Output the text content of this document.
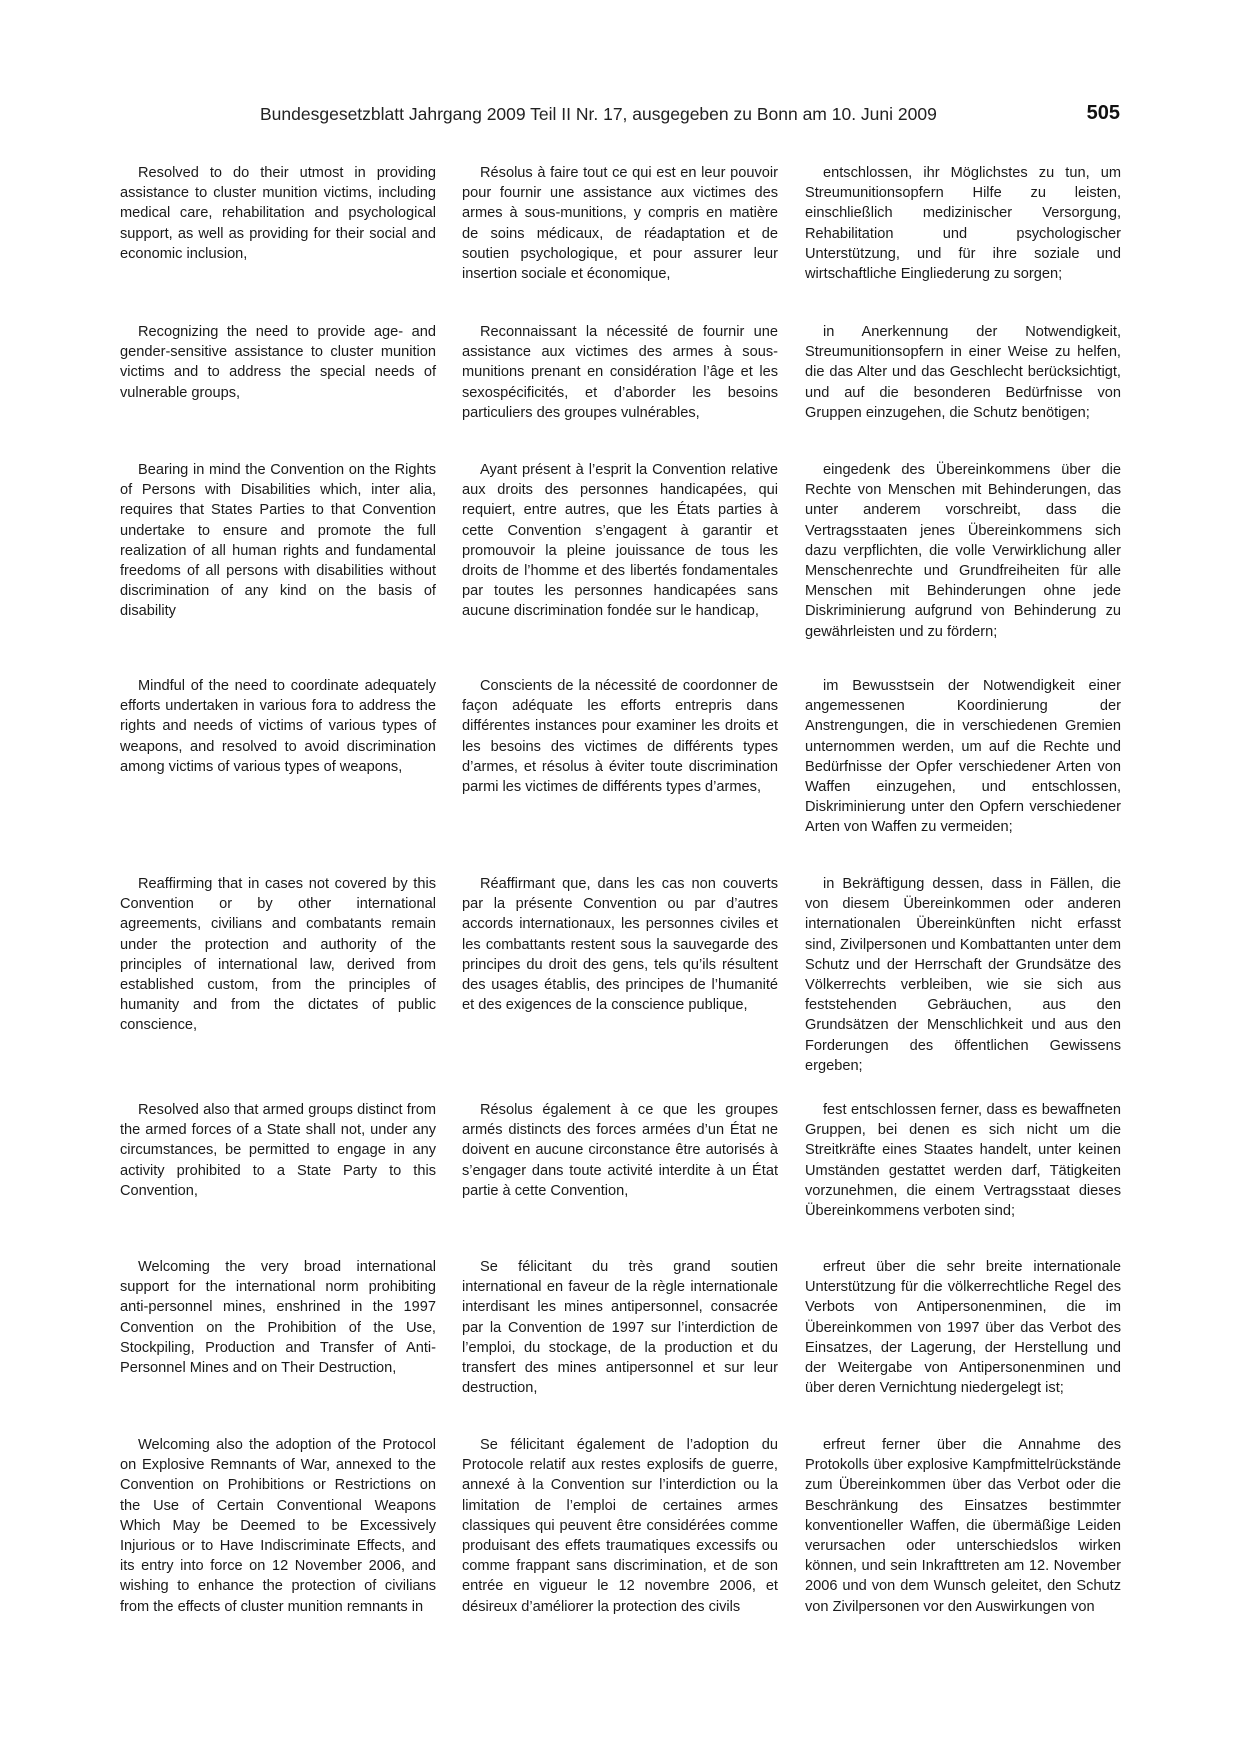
Bundesgesetzblatt Jahrgang 2009 Teil II Nr. 17, ausgegeben zu Bonn am 10. Juni 2009	505

Resolved to do their utmost in providing assistance to cluster munition victims, including medical care, rehabilitation and psychological support, as well as providing for their social and economic inclusion,

Recognizing the need to provide age- and gender-sensitive assistance to cluster munition victims and to address the special needs of vulnerable groups,

Bearing in mind the Convention on the Rights of Persons with Disabilities which, inter alia, requires that States Parties to that Convention undertake to ensure and promote the full realization of all human rights and fundamental freedoms of all persons with disabilities without discrimination of any kind on the basis of disability

Mindful of the need to coordinate adequately efforts undertaken in various fora to address the rights and needs of victims of various types of weapons, and resolved to avoid discrimination among victims of various types of weapons,

Reaffirming that in cases not covered by this Convention or by other international agreements, civilians and combatants remain under the protection and authority of the principles of international law, derived from established custom, from the principles of humanity and from the dictates of public conscience,

Resolved also that armed groups distinct from the armed forces of a State shall not, under any circumstances, be permitted to engage in any activity prohibited to a State Party to this Convention,

Welcoming the very broad international support for the international norm prohibiting anti-personnel mines, enshrined in the 1997 Convention on the Prohibition of the Use, Stockpiling, Production and Transfer of Anti-Personnel Mines and on Their Destruction,

Welcoming also the adoption of the Protocol on Explosive Remnants of War, annexed to the Convention on Prohibitions or Restrictions on the Use of Certain Conventional Weapons Which May be Deemed to be Excessively Injurious or to Have Indiscriminate Effects, and its entry into force on 12 November 2006, and wishing to enhance the protection of civilians from the effects of cluster munition remnants in

Résolus à faire tout ce qui est en leur pouvoir pour fournir une assistance aux victimes des armes à sous-munitions, y compris en matière de soins médicaux, de réadaptation et de soutien psychologique, et pour assurer leur insertion sociale et économique,

Reconnaissant la nécessité de fournir une assistance aux victimes des armes à sous-munitions prenant en considération l’âge et les sexospécificités, et d’aborder les besoins particuliers des groupes vulnérables,

Ayant présent à l’esprit la Convention relative aux droits des personnes handicapées, qui requiert, entre autres, que les États parties à cette Convention s’engagent à garantir et promouvoir la pleine jouissance de tous les droits de l’homme et des libertés fondamentales par toutes les personnes handicapées sans aucune discrimination fondée sur le handicap,

Conscients de la nécessité de coordonner de façon adéquate les efforts entrepris dans différentes instances pour examiner les droits et les besoins des victimes de différents types d’armes, et résolus à éviter toute discrimination parmi les victimes de différents types d’armes,

Réaffirmant que, dans les cas non couverts par la présente Convention ou par d’autres accords internationaux, les personnes civiles et les combattants restent sous la sauvegarde des principes du droit des gens, tels qu’ils résultent des usages établis, des principes de l’humanité et des exigences de la conscience publique,

Résolus également à ce que les groupes armés distincts des forces armées d’un État ne doivent en aucune circonstance être autorisés à s’engager dans toute activité interdite à un État partie à cette Convention,

Se félicitant du très grand soutien international en faveur de la règle internationale interdisant les mines antipersonnel, consacrée par la Convention de 1997 sur l’interdiction de l’emploi, du stockage, de la production et du transfert des mines antipersonnel et sur leur destruction,

Se félicitant également de l’adoption du Protocole relatif aux restes explosifs de guerre, annexé à la Convention sur l’interdiction ou la limitation de l’emploi de certaines armes classiques qui peuvent être considérées comme produisant des effets traumatiques excessifs ou comme frappant sans discrimination, et de son entrée en vigueur le 12 novembre 2006, et désireux d’améliorer la protection des civils

entschlossen, ihr Möglichstes zu tun, um Streumunitionsopfern Hilfe zu leisten, einschließlich medizinischer Versorgung, Rehabilitation und psychologischer Unterstützung, und für ihre soziale und wirtschaftliche Eingliederung zu sorgen;

in Anerkennung der Notwendigkeit, Streumunitionsopfern in einer Weise zu helfen, die das Alter und das Geschlecht berücksichtigt, und auf die besonderen Bedürfnisse von Gruppen einzugehen, die Schutz benötigen;

eingedenk des Übereinkommens über die Rechte von Menschen mit Behinderungen, das unter anderem vorschreibt, dass die Vertragsstaaten jenes Übereinkommens sich dazu verpflichten, die volle Verwirklichung aller Menschenrechte und Grundfreiheiten für alle Menschen mit Behinderungen ohne jede Diskriminierung aufgrund von Behinderung zu gewährleisten und zu fördern;

im Bewusstsein der Notwendigkeit einer angemessenen Koordinierung der Anstrengungen, die in verschiedenen Gremien unternommen werden, um auf die Rechte und Bedürfnisse der Opfer verschiedener Arten von Waffen einzugehen, und entschlossen, Diskriminierung unter den Opfern verschiedener Arten von Waffen zu vermeiden;

in Bekräftigung dessen, dass in Fällen, die von diesem Übereinkommen oder anderen internationalen Übereinkünften nicht erfasst sind, Zivilpersonen und Kombattanten unter dem Schutz und der Herrschaft der Grundsätze des Völkerrechts verbleiben, wie sie sich aus feststehenden Gebräuchen, aus den Grundsätzen der Menschlichkeit und aus den Forderungen des öffentlichen Gewissens ergeben;

fest entschlossen ferner, dass es bewaffneten Gruppen, bei denen es sich nicht um die Streitkräfte eines Staates handelt, unter keinen Umständen gestattet werden darf, Tätigkeiten vorzunehmen, die einem Vertragsstaat dieses Übereinkommens verboten sind;

erfreut über die sehr breite internationale Unterstützung für die völkerrechtliche Regel des Verbots von Antipersonenminen, die im Übereinkommen von 1997 über das Verbot des Einsatzes, der Lagerung, der Herstellung und der Weitergabe von Antipersonenminen und über deren Vernichtung niedergelegt ist;

erfreut ferner über die Annahme des Protokolls über explosive Kampfmittelrückstände zum Übereinkommen über das Verbot oder die Beschränkung des Einsatzes bestimmter konventioneller Waffen, die übermäßige Leiden verursachen oder unterschiedslos wirken können, und sein Inkrafttreten am 12. November 2006 und von dem Wunsch geleitet, den Schutz von Zivilpersonen vor den Auswirkungen von
